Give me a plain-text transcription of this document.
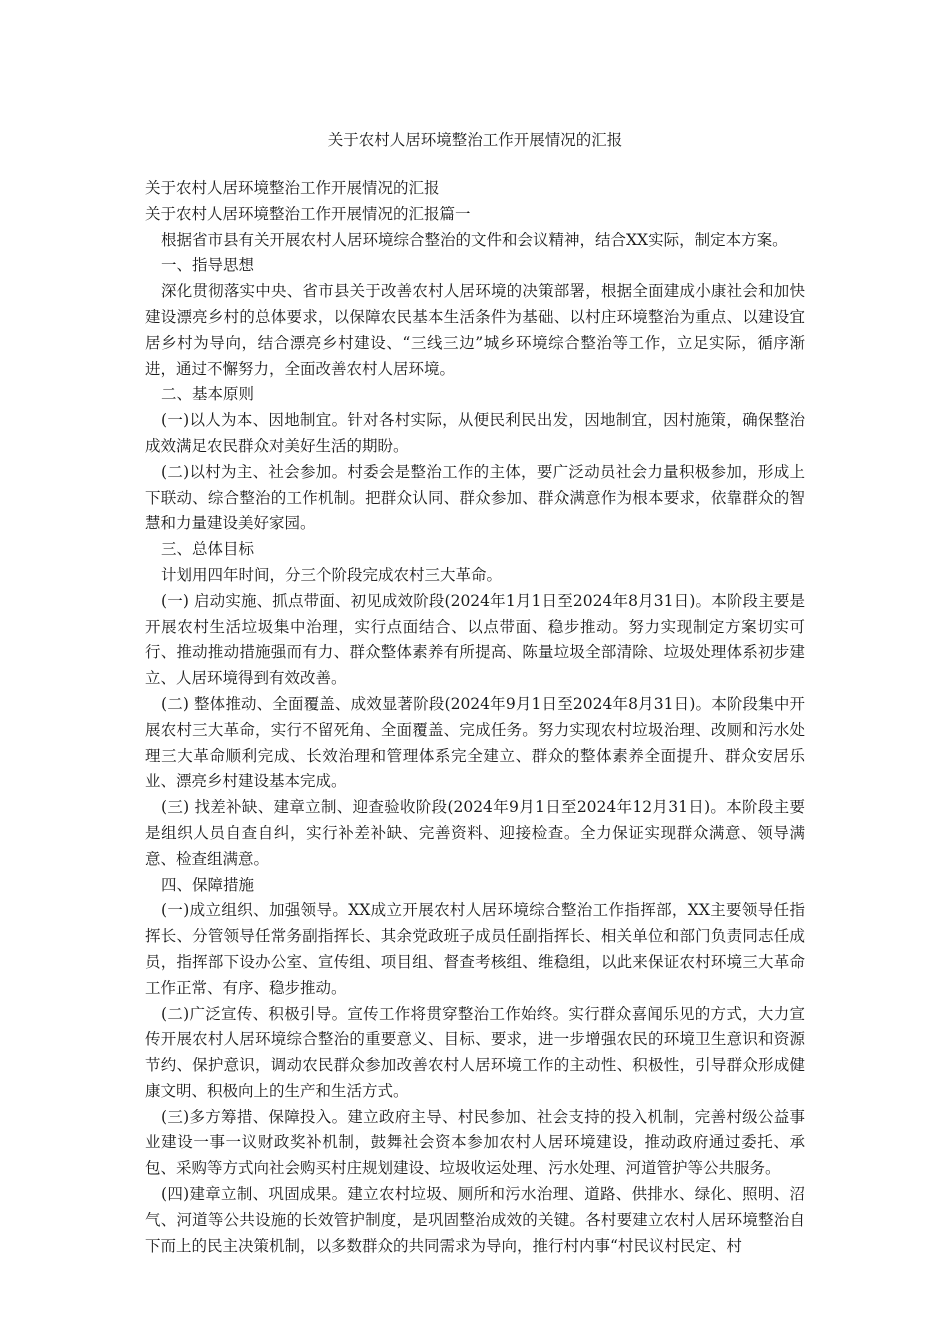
关于农村人居环境整治工作开展情况的汇报

关于农村人居环境整治工作开展情况的汇报

关于农村人居环境整治工作开展情况的汇报篇一

根据省市县有关开展农村人居环境综合整治的文件和会议精神，结合XX实际，制定本方案。

一、指导思想

深化贯彻落实中央、省市县关于改善农村人居环境的决策部署，根据全面建成小康社会和加快建设漂亮乡村的总体要求，以保障农民基本生活条件为基础、以村庄环境整治为重点、以建设宜居乡村为导向，结合漂亮乡村建设、“三线三边”城乡环境综合整治等工作，立足实际，循序渐进，通过不懈努力，全面改善农村人居环境。

二、基本原则

(一)以人为本、因地制宜。针对各村实际，从便民利民出发，因地制宜，因村施策，确保整治成效满足农民群众对美好生活的期盼。

(二)以村为主、社会参加。村委会是整治工作的主体，要广泛动员社会力量积极参加，形成上下联动、综合整治的工作机制。把群众认同、群众参加、群众满意作为根本要求，依靠群众的智慧和力量建设美好家园。

三、总体目标

计划用四年时间，分三个阶段完成农村三大革命。

(一) 启动实施、抓点带面、初见成效阶段(2024年1月1日至2024年8月31日)。本阶段主要是开展农村生活垃圾集中治理，实行点面结合、以点带面、稳步推动。努力实现制定方案切实可行、推动推动措施强而有力、群众整体素养有所提高、陈量垃圾全部清除、垃圾处理体系初步建立、人居环境得到有效改善。

(二) 整体推动、全面覆盖、成效显著阶段(2024年9月1日至2024年8月31日)。本阶段集中开展农村三大革命，实行不留死角、全面覆盖、完成任务。努力实现农村垃圾治理、改厕和污水处理三大革命顺利完成、长效治理和管理体系完全建立、群众的整体素养全面提升、群众安居乐业、漂亮乡村建设基本完成。

(三) 找差补缺、建章立制、迎查验收阶段(2024年9月1日至2024年12月31日)。本阶段主要是组织人员自查自纠，实行补差补缺、完善资料、迎接检查。全力保证实现群众满意、领导满意、检查组满意。

四、保障措施

(一)成立组织、加强领导。XX成立开展农村人居环境综合整治工作指挥部，XX主要领导任指挥长、分管领导任常务副指挥长、其余党政班子成员任副指挥长、相关单位和部门负责同志任成员，指挥部下设办公室、宣传组、项目组、督查考核组、维稳组，以此来保证农村环境三大革命工作正常、有序、稳步推动。

(二)广泛宣传、积极引导。宣传工作将贯穿整治工作始终。实行群众喜闻乐见的方式，大力宣传开展农村人居环境综合整治的重要意义、目标、要求，进一步增强农民的环境卫生意识和资源节约、保护意识，调动农民群众参加改善农村人居环境工作的主动性、积极性，引导群众形成健康文明、积极向上的生产和生活方式。

(三)多方筹措、保障投入。建立政府主导、村民参加、社会支持的投入机制，完善村级公益事业建设一事一议财政奖补机制，鼓舞社会资本参加农村人居环境建设，推动政府通过委托、承包、采购等方式向社会购买村庄规划建设、垃圾收运处理、污水处理、河道管护等公共服务。

(四)建章立制、巩固成果。建立农村垃圾、厕所和污水治理、道路、供排水、绿化、照明、沼气、河道等公共设施的长效管护制度，是巩固整治成效的关键。各村要建立农村人居环境整治自下而上的民主决策机制，以多数群众的共同需求为导向，推行村内事“村民议村民定、村
